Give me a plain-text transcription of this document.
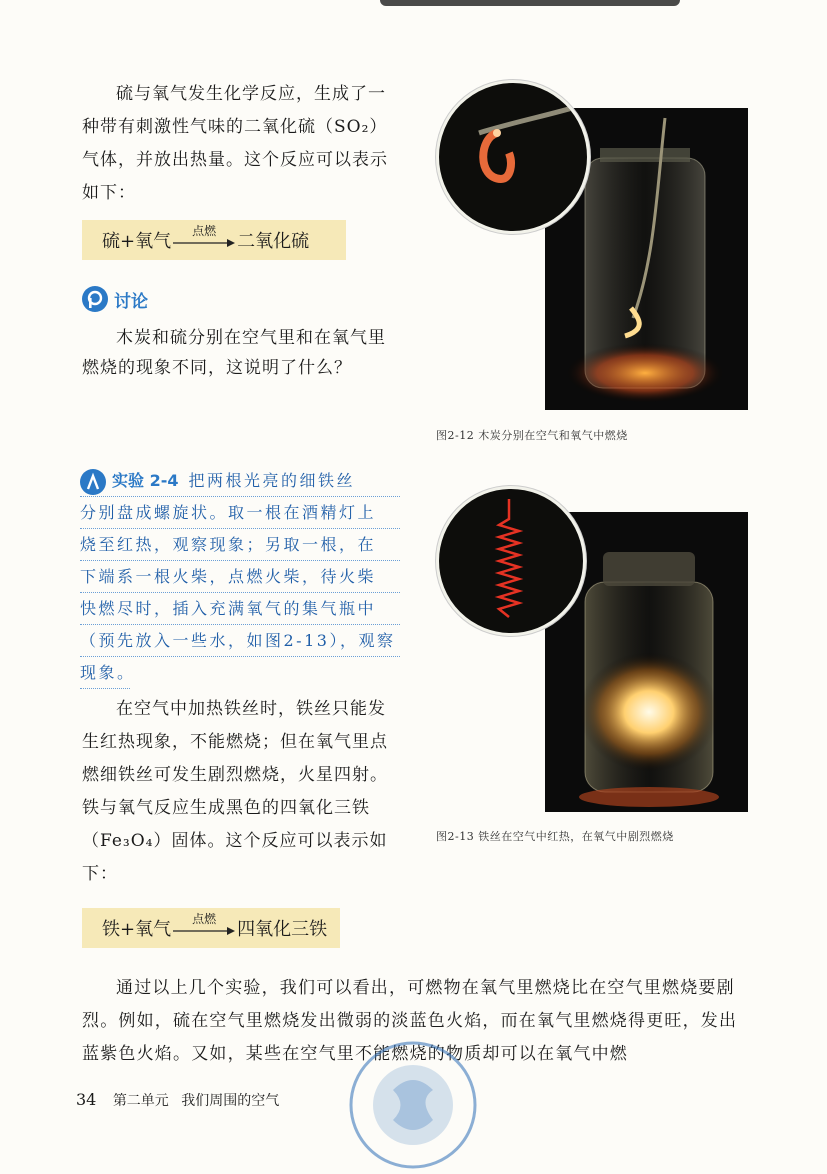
硫与氧气发生化学反应，生成了一种带有刺激性气味的二氧化硫（SO₂）气体，并放出热量。这个反应可以表示如下：

硫+氧气	点燃	二氧化硫
讨论

木炭和硫分别在空气里和在氧气里燃烧的现象不同，这说明了什么？

图2-12 木炭分别在空气和氧气中燃烧
实验 2-4 把两根光亮的细铁丝
分别盘成螺旋状。取一根在酒精灯上
烧至红热，观察现象；另取一根，在
下端系一根火柴，点燃火柴，待火柴
快燃尽时，插入充满氧气的集气瓶中
（预先放入一些水，如图2-13），观察
现象。

在空气中加热铁丝时，铁丝只能发生红热现象，不能燃烧；但在氧气里点燃细铁丝可发生剧烈燃烧，火星四射。铁与氧气反应生成黑色的四氧化三铁（Fe₃O₄）固体。这个反应可以表示如下：

图2-13 铁丝在空气中红热，在氧气中剧烈燃烧
铁+氧气	点燃	四氧化三铁

通过以上几个实验，我们可以看出，可燃物在氧气里燃烧比在空气里燃烧要剧烈。例如，硫在空气里燃烧发出微弱的淡蓝色火焰，而在氧气里燃烧得更旺，发出蓝紫色火焰。又如，某些在空气里不能燃烧的物质却可以在氧气中燃

34 第二单元 我们周围的空气
